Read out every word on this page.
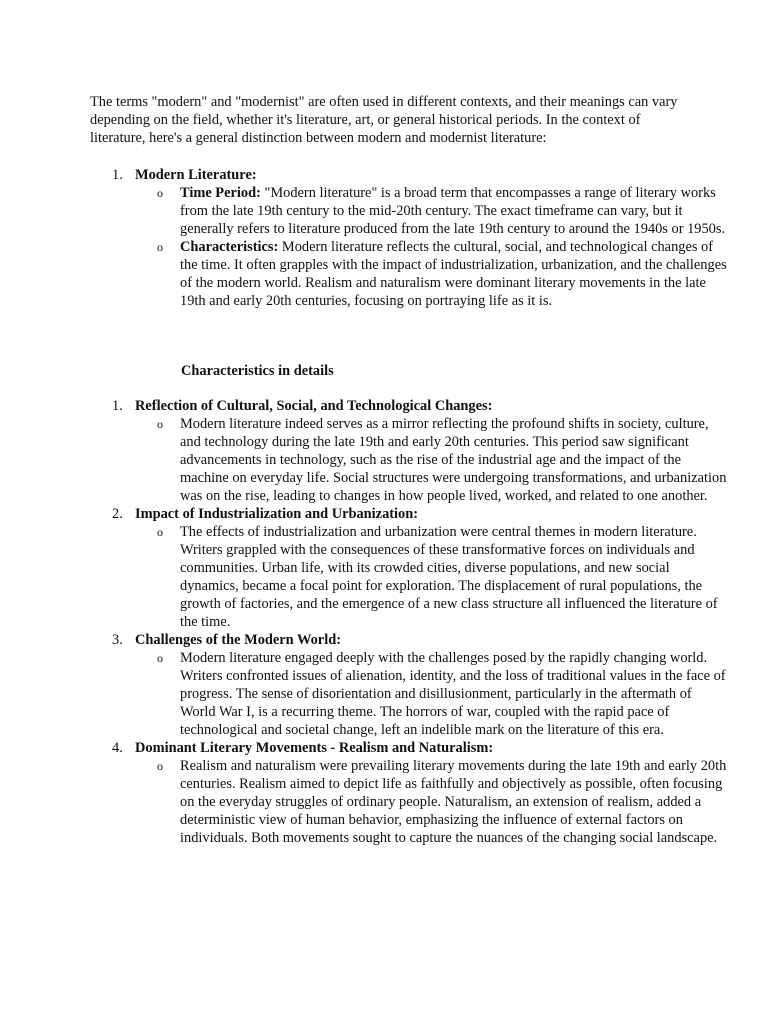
The terms "modern" and "modernist" are often used in different contexts, and their meanings can vary depending on the field, whether it's literature, art, or general historical periods. In the context of literature, here's a general distinction between modern and modernist literature:

1. Modern Literature:
o Time Period: "Modern literature" is a broad term that encompasses a range of literary works from the late 19th century to the mid-20th century. The exact timeframe can vary, but it generally refers to literature produced from the late 19th century to around the 1940s or 1950s.
o Characteristics: Modern literature reflects the cultural, social, and technological changes of the time. It often grapples with the impact of industrialization, urbanization, and the challenges of the modern world. Realism and naturalism were dominant literary movements in the late 19th and early 20th centuries, focusing on portraying life as it is.

Characteristics in details

1. Reflection of Cultural, Social, and Technological Changes:
o Modern literature indeed serves as a mirror reflecting the profound shifts in society, culture, and technology during the late 19th and early 20th centuries. This period saw significant advancements in technology, such as the rise of the industrial age and the impact of the machine on everyday life. Social structures were undergoing transformations, and urbanization was on the rise, leading to changes in how people lived, worked, and related to one another.
2. Impact of Industrialization and Urbanization:
o The effects of industrialization and urbanization were central themes in modern literature. Writers grappled with the consequences of these transformative forces on individuals and communities. Urban life, with its crowded cities, diverse populations, and new social dynamics, became a focal point for exploration. The displacement of rural populations, the growth of factories, and the emergence of a new class structure all influenced the literature of the time.
3. Challenges of the Modern World:
o Modern literature engaged deeply with the challenges posed by the rapidly changing world. Writers confronted issues of alienation, identity, and the loss of traditional values in the face of progress. The sense of disorientation and disillusionment, particularly in the aftermath of World War I, is a recurring theme. The horrors of war, coupled with the rapid pace of technological and societal change, left an indelible mark on the literature of this era.
4. Dominant Literary Movements - Realism and Naturalism:
o Realism and naturalism were prevailing literary movements during the late 19th and early 20th centuries. Realism aimed to depict life as faithfully and objectively as possible, often focusing on the everyday struggles of ordinary people. Naturalism, an extension of realism, added a deterministic view of human behavior, emphasizing the influence of external factors on individuals. Both movements sought to capture the nuances of the changing social landscape.
